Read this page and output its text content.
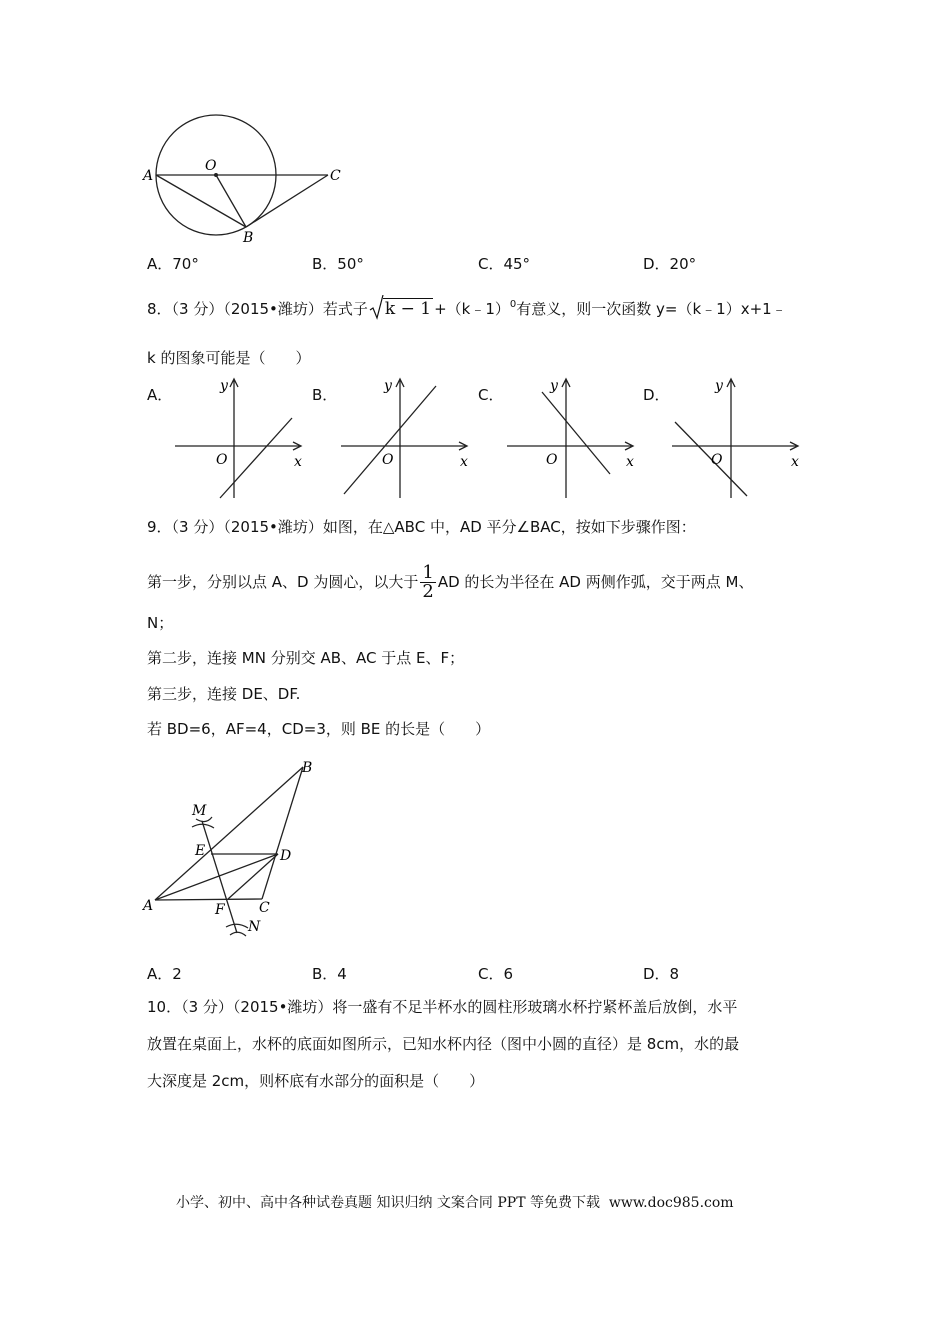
A
O
C
B
A．70°	B．50°	C．45°	D．20°
8．（3 分）（2015•潍坊）若式子 k − 1 +（k﹣1）$^0$有意义，则一次函数 y=（k﹣1）x+1﹣
k 的图象可能是（　　）
A．	B．	C．	D．
y
x
O
y
x
O
y
x
O
y
x
O
9．（3 分）（2015•潍坊）如图，在△ABC 中，AD 平分∠BAC，按如下步骤作图：
第一步，分别以点 A、D 为圆心，以大于 $\frac{1}{2}$ AD 的长为半径在 AD 两侧作弧，交于两点 M、
N；
第二步，连接 MN 分别交 AB、AC 于点 E、F；
第三步，连接 DE、DF.
若 BD=6，AF=4，CD=3，则 BE 的长是（　　）
B
M
E	D
A	F C
N
A．2	B．4	C．6	D．8
10．（3 分）（2015•潍坊）将一盛有不足半杯水的圆柱形玻璃水杯拧紧杯盖后放倒，水平
放置在桌面上，水杯的底面如图所示，已知水杯内径（图中小圆的直径）是 8cm，水的最
大深度是 2cm，则杯底有水部分的面积是（　　）
小学、初中、高中各种试卷真题 知识归纳 文案合同 PPT 等免费下载 www.doc985.com
